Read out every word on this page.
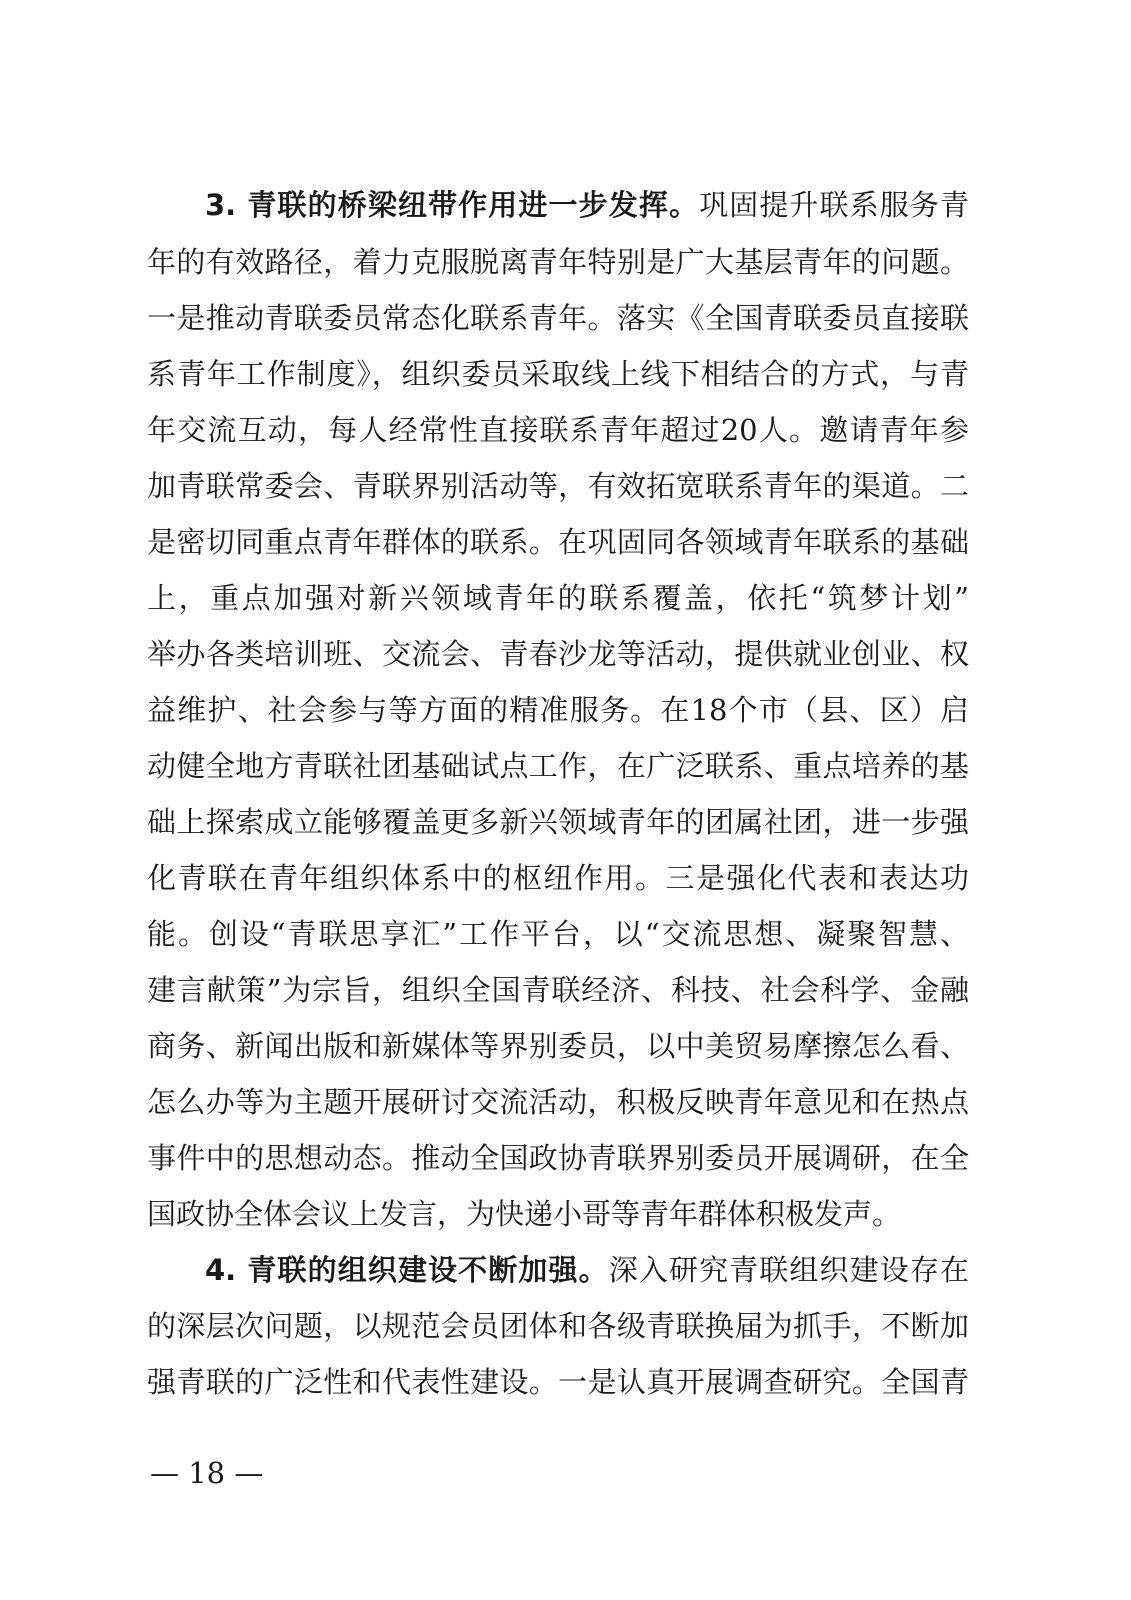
3. 青联的桥梁纽带作用进一步发挥。巩固提升联系服务青
年的有效路径，着力克服脱离青年特别是广大基层青年的问题。
一是推动青联委员常态化联系青年。落实《全国青联委员直接联
系青年工作制度》，组织委员采取线上线下相结合的方式，与青
年交流互动，每人经常性直接联系青年超过20人。邀请青年参
加青联常委会、青联界别活动等，有效拓宽联系青年的渠道。二
是密切同重点青年群体的联系。在巩固同各领域青年联系的基础
上，重点加强对新兴领域青年的联系覆盖，依托“筑梦计划”
举办各类培训班、交流会、青春沙龙等活动，提供就业创业、权
益维护、社会参与等方面的精准服务。在18个市（县、区）启
动健全地方青联社团基础试点工作，在广泛联系、重点培养的基
础上探索成立能够覆盖更多新兴领域青年的团属社团，进一步强
化青联在青年组织体系中的枢纽作用。三是强化代表和表达功
能。创设“青联思享汇”工作平台，以“交流思想、凝聚智慧、
建言献策”为宗旨，组织全国青联经济、科技、社会科学、金融
商务、新闻出版和新媒体等界别委员，以中美贸易摩擦怎么看、
怎么办等为主题开展研讨交流活动，积极反映青年意见和在热点
事件中的思想动态。推动全国政协青联界别委员开展调研，在全
国政协全体会议上发言，为快递小哥等青年群体积极发声。
4. 青联的组织建设不断加强。深入研究青联组织建设存在
的深层次问题，以规范会员团体和各级青联换届为抓手，不断加
强青联的广泛性和代表性建设。一是认真开展调查研究。全国青
— 18 —
